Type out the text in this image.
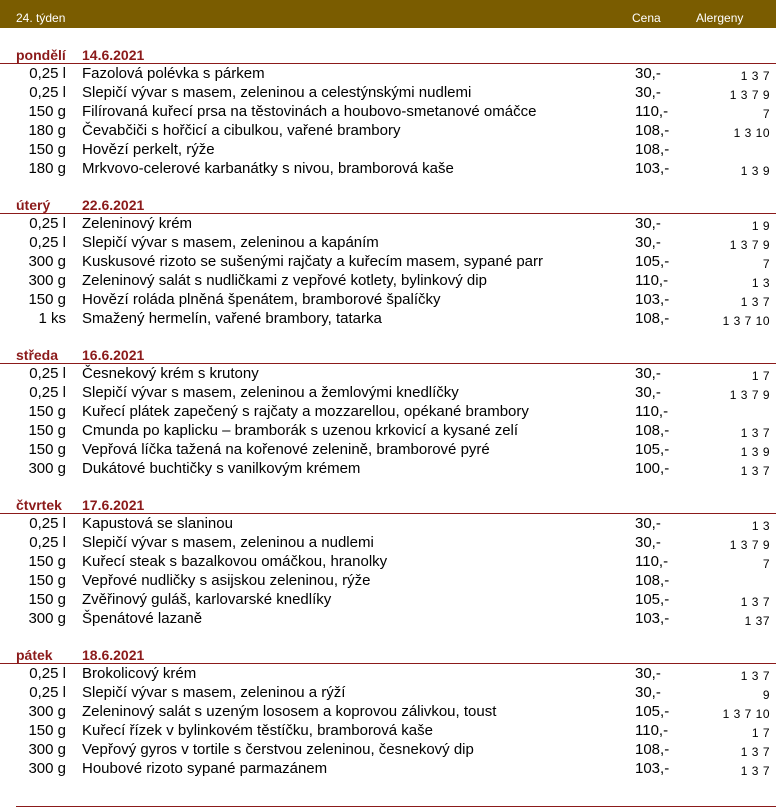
24. týden	Cena	Alergeny
pondělí 14.6.2021
0,25 l Fazolová polévka s párkem	30,-	1 3 7
0,25 l Slepičí vývar s masem, zeleninou a celestýnskými nudlemi	30,-	1 3 7 9
150 g Filírovaná kuřecí prsa na těstovinách a houbovo-smetanové omáčce	110,-	7
180 g Čevabčiči s hořčicí a cibulkou, vařené brambory	108,-	1 3 10
150 g Hovězí perkelt, rýže	108,-
180 g Mrkvovo-celerové karbanátky s nivou, bramborová kaše	103,-	1 3 9
úterý 22.6.2021
0,25 l Zeleninový krém	30,-	1 9
0,25 l Slepičí vývar s masem, zeleninou a kapáním	30,-	1 3 7 9
300 g Kuskusové rizoto se sušenými rajčaty a kuřecím masem, sypané parr	105,-	7
300 g Zeleninový salát s nudličkami z vepřové kotlety, bylinkový dip	110,-	1 3
150 g Hovězí roláda plněná špenátem, bramborové špalíčky	103,-	1 3 7
1 ks Smažený hermelín, vařené brambory, tatarka	108,-	1 3 7 10
středa 16.6.2021
0,25 l Česnekový krém s krutony	30,-	1 7
0,25 l Slepičí vývar s masem, zeleninou a žemlovými knedlíčky	30,-	1 3 7 9
150 g Kuřecí plátek zapečený s rajčaty a mozzarellou, opékané brambory	110,-
150 g Cmunda po kaplicku – bramborák s uzenou krkovicí a kysané zelí	108,-	1 3 7
150 g Vepřová líčka tažená na kořenové zelenině, bramborové pyré	105,-	1 3 9
300 g Dukátové buchtičky s vanilkovým krémem	100,-	1 3 7
čtvrtek 17.6.2021
0,25 l Kapustová se slaninou	30,-	1 3
0,25 l Slepičí vývar s masem, zeleninou a nudlemi	30,-	1 3 7 9
150 g Kuřecí steak s bazalkovou omáčkou, hranolky	110,-	7
150 g Vepřové nudličky s asijskou zeleninou, rýže	108,-
150 g Zvěřinový guláš, karlovarské knedlíky	105,-	1 3 7
300 g Špenátové lazaně	103,-	1 37
pátek 18.6.2021
0,25 l Brokolicový krém	30,-	1 3 7
0,25 l Slepičí vývar s masem, zeleninou a rýží	30,-	9
300 g Zeleninový salát s uzeným lososem a koprovou zálivkou, toust	105,-	1 3 7 10
150 g Kuřecí řízek v bylinkovém těstíčku, bramborová kaše	110,-	1 7
300 g Vepřový gyros v tortile s čerstvou zeleninou, česnekový dip	108,-	1 3 7
300 g Houbové rizoto sypané parmazánem	103,-	1 3 7
